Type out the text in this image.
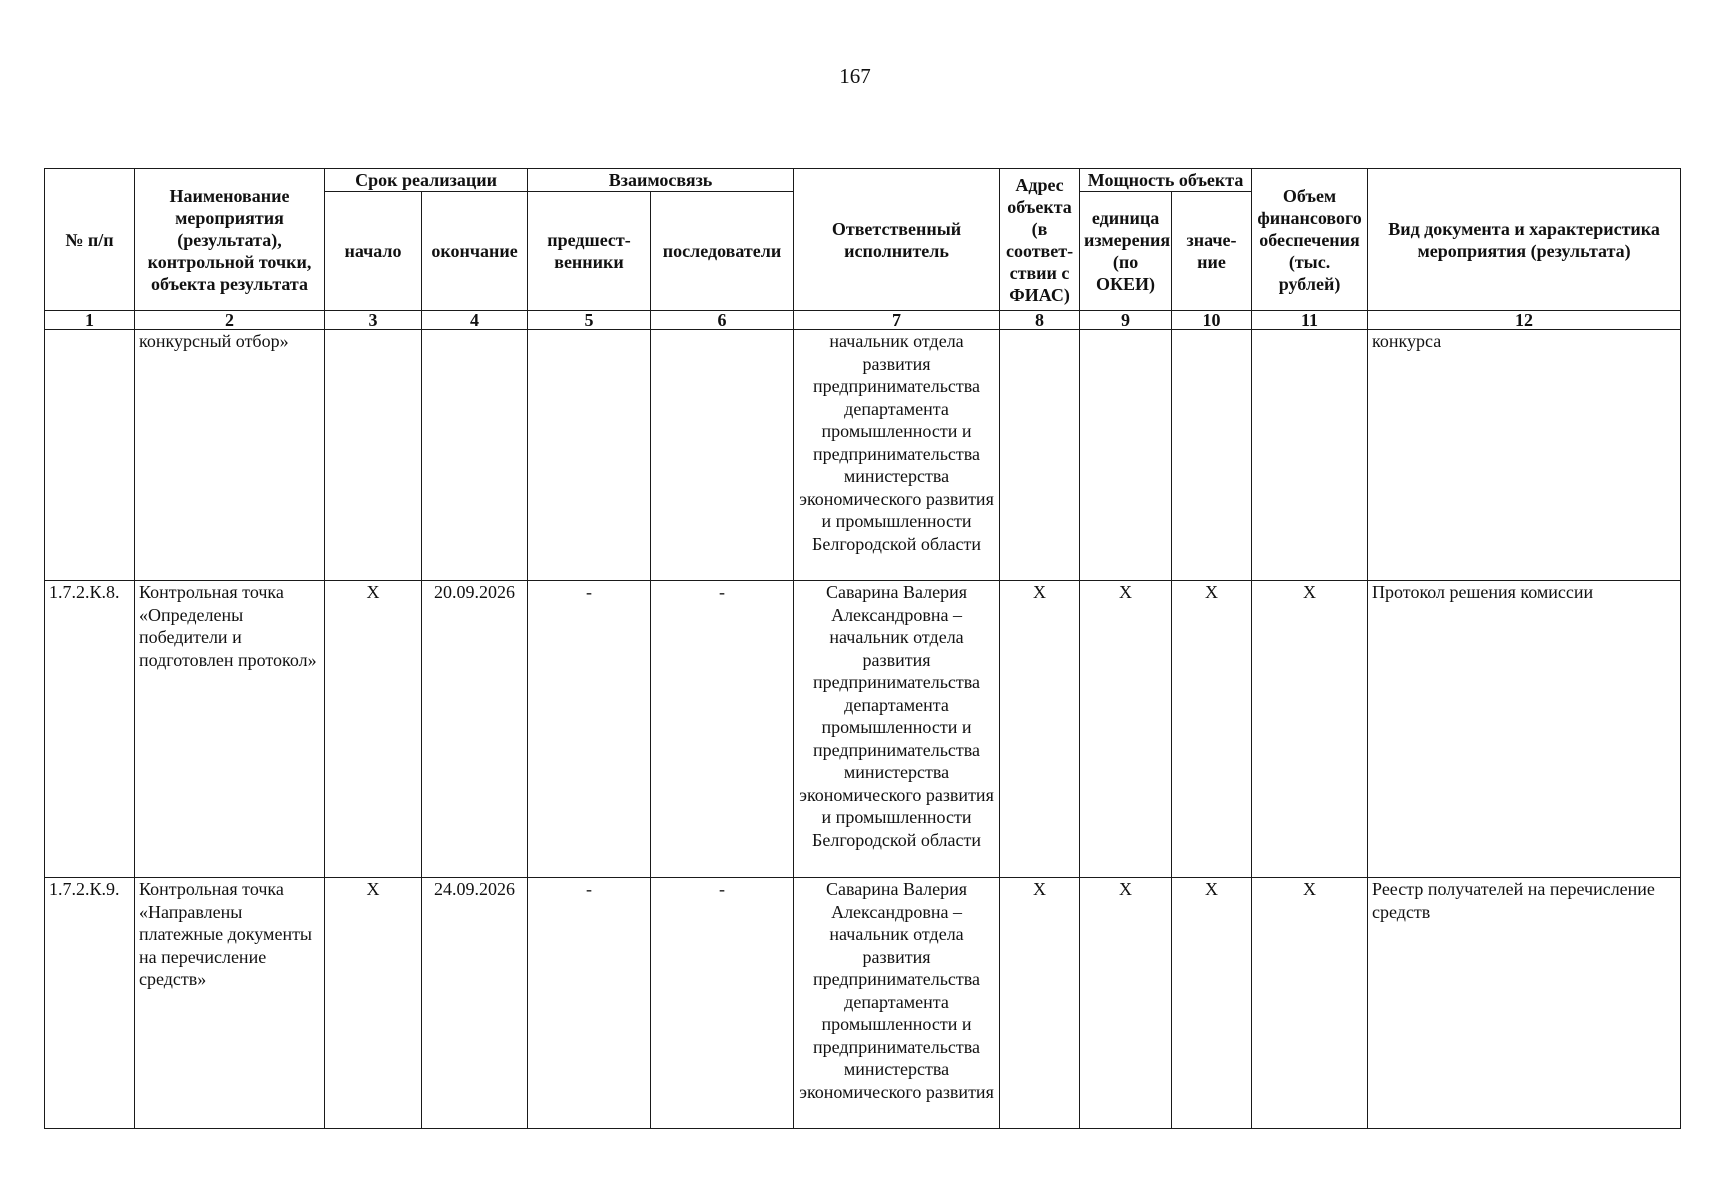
167
№ п/п	Наименование мероприятия (результата), контрольной точки, объекта результата	Срок реализации		Взаимосвязь		Ответственный исполнитель	Адрес объекта (в соответ-ствии с ФИАС)	Мощность объекта		Объем финансового обеспечения (тыс. рублей)	Вид документа и характеристика мероприятия (результата)
		начало	окончание	предшест-венники	последователи			единица измерения (по ОКЕИ)	значе-ние		
1	2	3	4	5	6	7	8	9	10	11	12
	конкурсный отбор»					начальник отдела развития предпринимательства департамента промышленности и предпринимательства министерства экономического развития и промышленности Белгородской области					конкурса
1.7.2.К.8.	Контрольная точка «Определены победители и подготовлен протокол»	X	20.09.2026	-	-	Саварина Валерия Александровна – начальник отдела развития предпринимательства департамента промышленности и предпринимательства министерства экономического развития и промышленности Белгородской области	X	X	X	X	Протокол решения комиссии
1.7.2.К.9.	Контрольная точка «Направлены платежные документы на перечисление средств»	X	24.09.2026	-	-	Саварина Валерия Александровна – начальник отдела развития предпринимательства департамента промышленности и предпринимательства министерства экономического развития	X	X	X	X	Реестр получателей на перечисление средств
